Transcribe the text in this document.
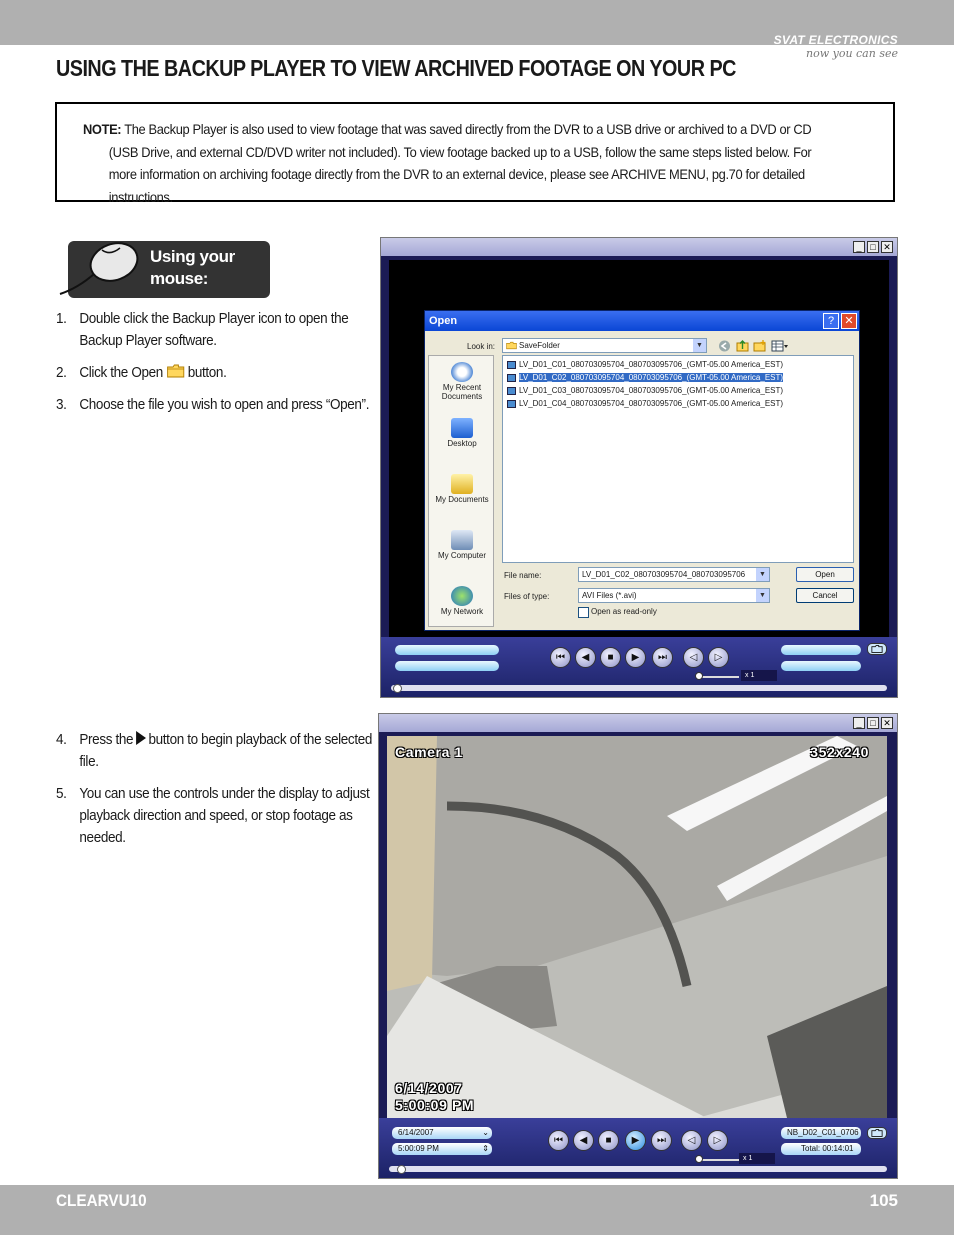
SVAT ELECTRONICS
now you can see
USING THE BACKUP PLAYER TO VIEW ARCHIVED FOOTAGE ON YOUR PC

NOTE: The Backup Player is also used to view footage that was saved directly from the DVR to a USB drive or archived to a DVD or CD (USB Drive, and external CD/DVD writer not included). To view footage backed up to a USB, follow the same steps listed below. For more information on archiving footage directly from the DVR to an external device, please see ARCHIVE MENU, pg.70 for detailed instructions.

Using your
mouse:
1. Double click the Backup Player icon to open the Backup Player software.
2. Click the Open button.
3. Choose the file you wish to open and press “Open”.
4. Press the button to begin playback of the selected file.
5. You can use the controls under the display to adjust playback direction and speed, or stop footage as needed.
_ □ ✕
Open	? ✕
Look in:	SaveFolder	▼
My Recent Documents
Desktop
My Documents
My Computer
My Network
LV_D01_C01_080703095704_080703095706_(GMT-05.00 America_EST)
LV_D01_C02_080703095704_080703095706_(GMT-05.00 America_EST)
LV_D01_C03_080703095704_080703095706_(GMT-05.00 America_EST)
LV_D01_C04_080703095704_080703095706_(GMT-05.00 America_EST)
File name:	LV_D01_C02_080703095704_080703095706	▼
Files of type:	AVI Files (*.avi)	▼
Open as read-only
Open
Cancel
⏮	◀	■	▶	⏭	◁	▷
x 1
_ □ ✕
Camera 1	352x240
6/14/2007
5:00:09 PM
6/14/2007	⌄
5:00:09 PM	⇕
NB_D02_C01_0706
Total: 00:14:01
⏮	◀	■	▶	⏭	◁	▷
x 1
CLEARVU10	105
